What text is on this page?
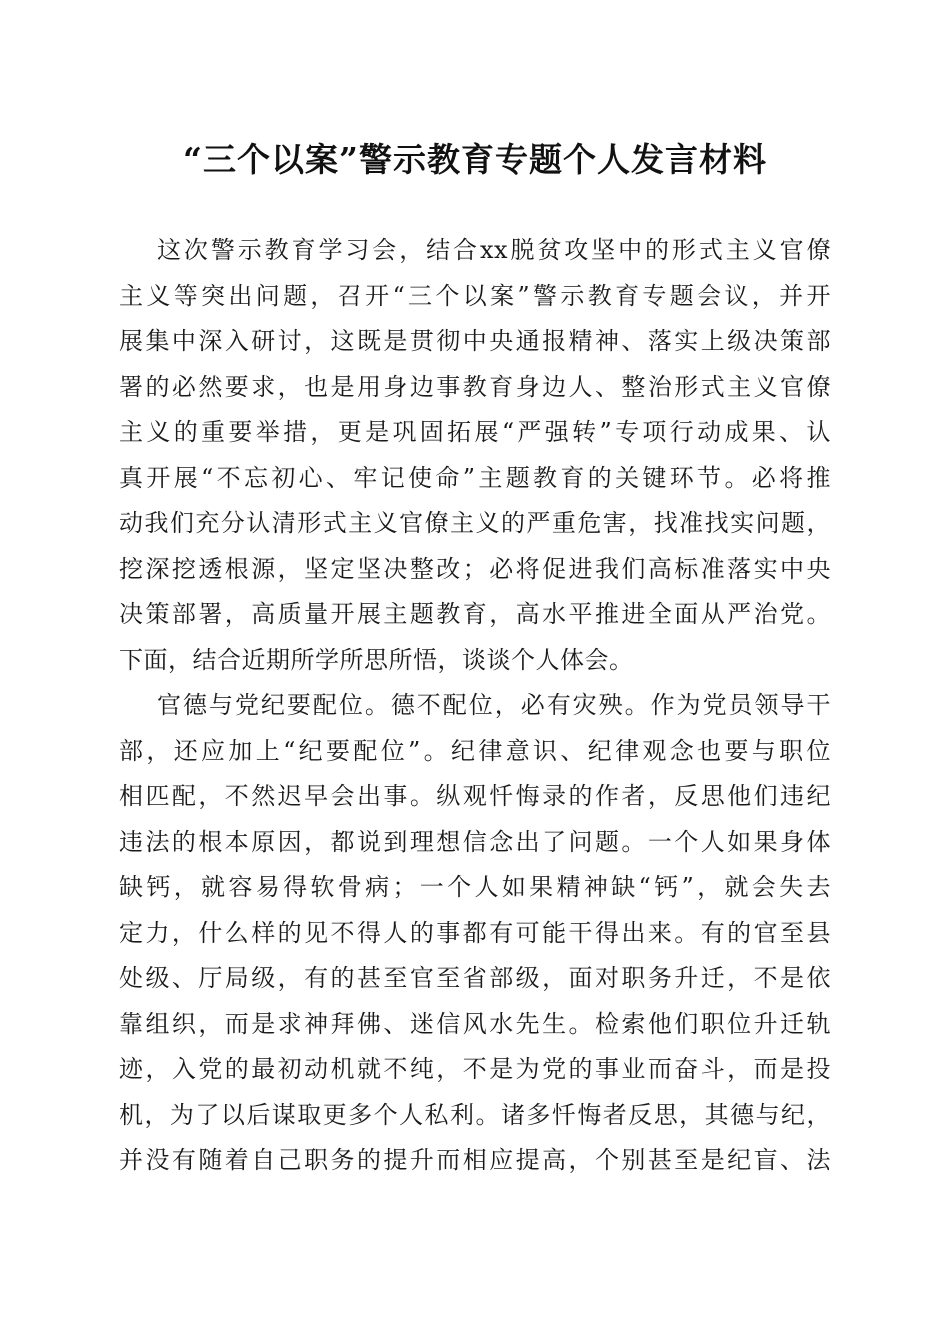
“三个以案”警示教育专题个人发言材料
这次警示教育学习会，结合xx脱贫攻坚中的形式主义官僚
主义等突出问题，召开“三个以案”警示教育专题会议，并开
展集中深入研讨，这既是贯彻中央通报精神、落实上级决策部
署的必然要求，也是用身边事教育身边人、整治形式主义官僚
主义的重要举措，更是巩固拓展“严强转”专项行动成果、认
真开展“不忘初心、牢记使命”主题教育的关键环节。必将推
动我们充分认清形式主义官僚主义的严重危害，找准找实问题，
挖深挖透根源，坚定坚决整改；必将促进我们高标准落实中央
决策部署，高质量开展主题教育，高水平推进全面从严治党。
下面，结合近期所学所思所悟，谈谈个人体会。
官德与党纪要配位。德不配位，必有灾殃。作为党员领导干
部，还应加上“纪要配位”。纪律意识、纪律观念也要与职位
相匹配，不然迟早会出事。纵观忏悔录的作者，反思他们违纪
违法的根本原因，都说到理想信念出了问题。一个人如果身体
缺钙，就容易得软骨病；一个人如果精神缺“钙”，就会失去
定力，什么样的见不得人的事都有可能干得出来。有的官至县
处级、厅局级，有的甚至官至省部级，面对职务升迁，不是依
靠组织，而是求神拜佛、迷信风水先生。检索他们职位升迁轨
迹，入党的最初动机就不纯，不是为党的事业而奋斗，而是投
机，为了以后谋取更多个人私利。诸多忏悔者反思，其德与纪，
并没有随着自己职务的提升而相应提高，个别甚至是纪盲、法
